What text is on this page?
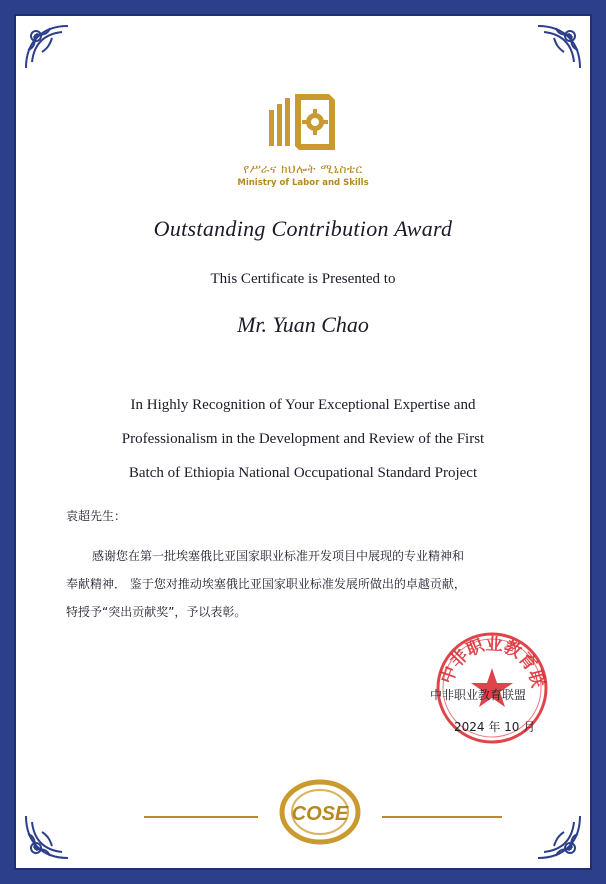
የሥራና ክህሎት ሚኒስቴር
Ministry of Labor and Skills
Outstanding Contribution Award
This Certificate is Presented to
Mr. Yuan Chao
In Highly Recognition of Your Exceptional Expertise and
Professionalism in the Development and Review of the First
Batch of Ethiopia National Occupational Standard Project
袁超先生：
感谢您在第一批埃塞俄比亚国家职业标准开发项目中展现的专业精神和
奉献精神． 鉴于您对推动埃塞俄比亚国家职业标准发展所做出的卓越贡献，
特授予“突出贡献奖”，予以表彰。
中非职业教育联
中非职业教育联盟
2024 年 10 月
COSE
